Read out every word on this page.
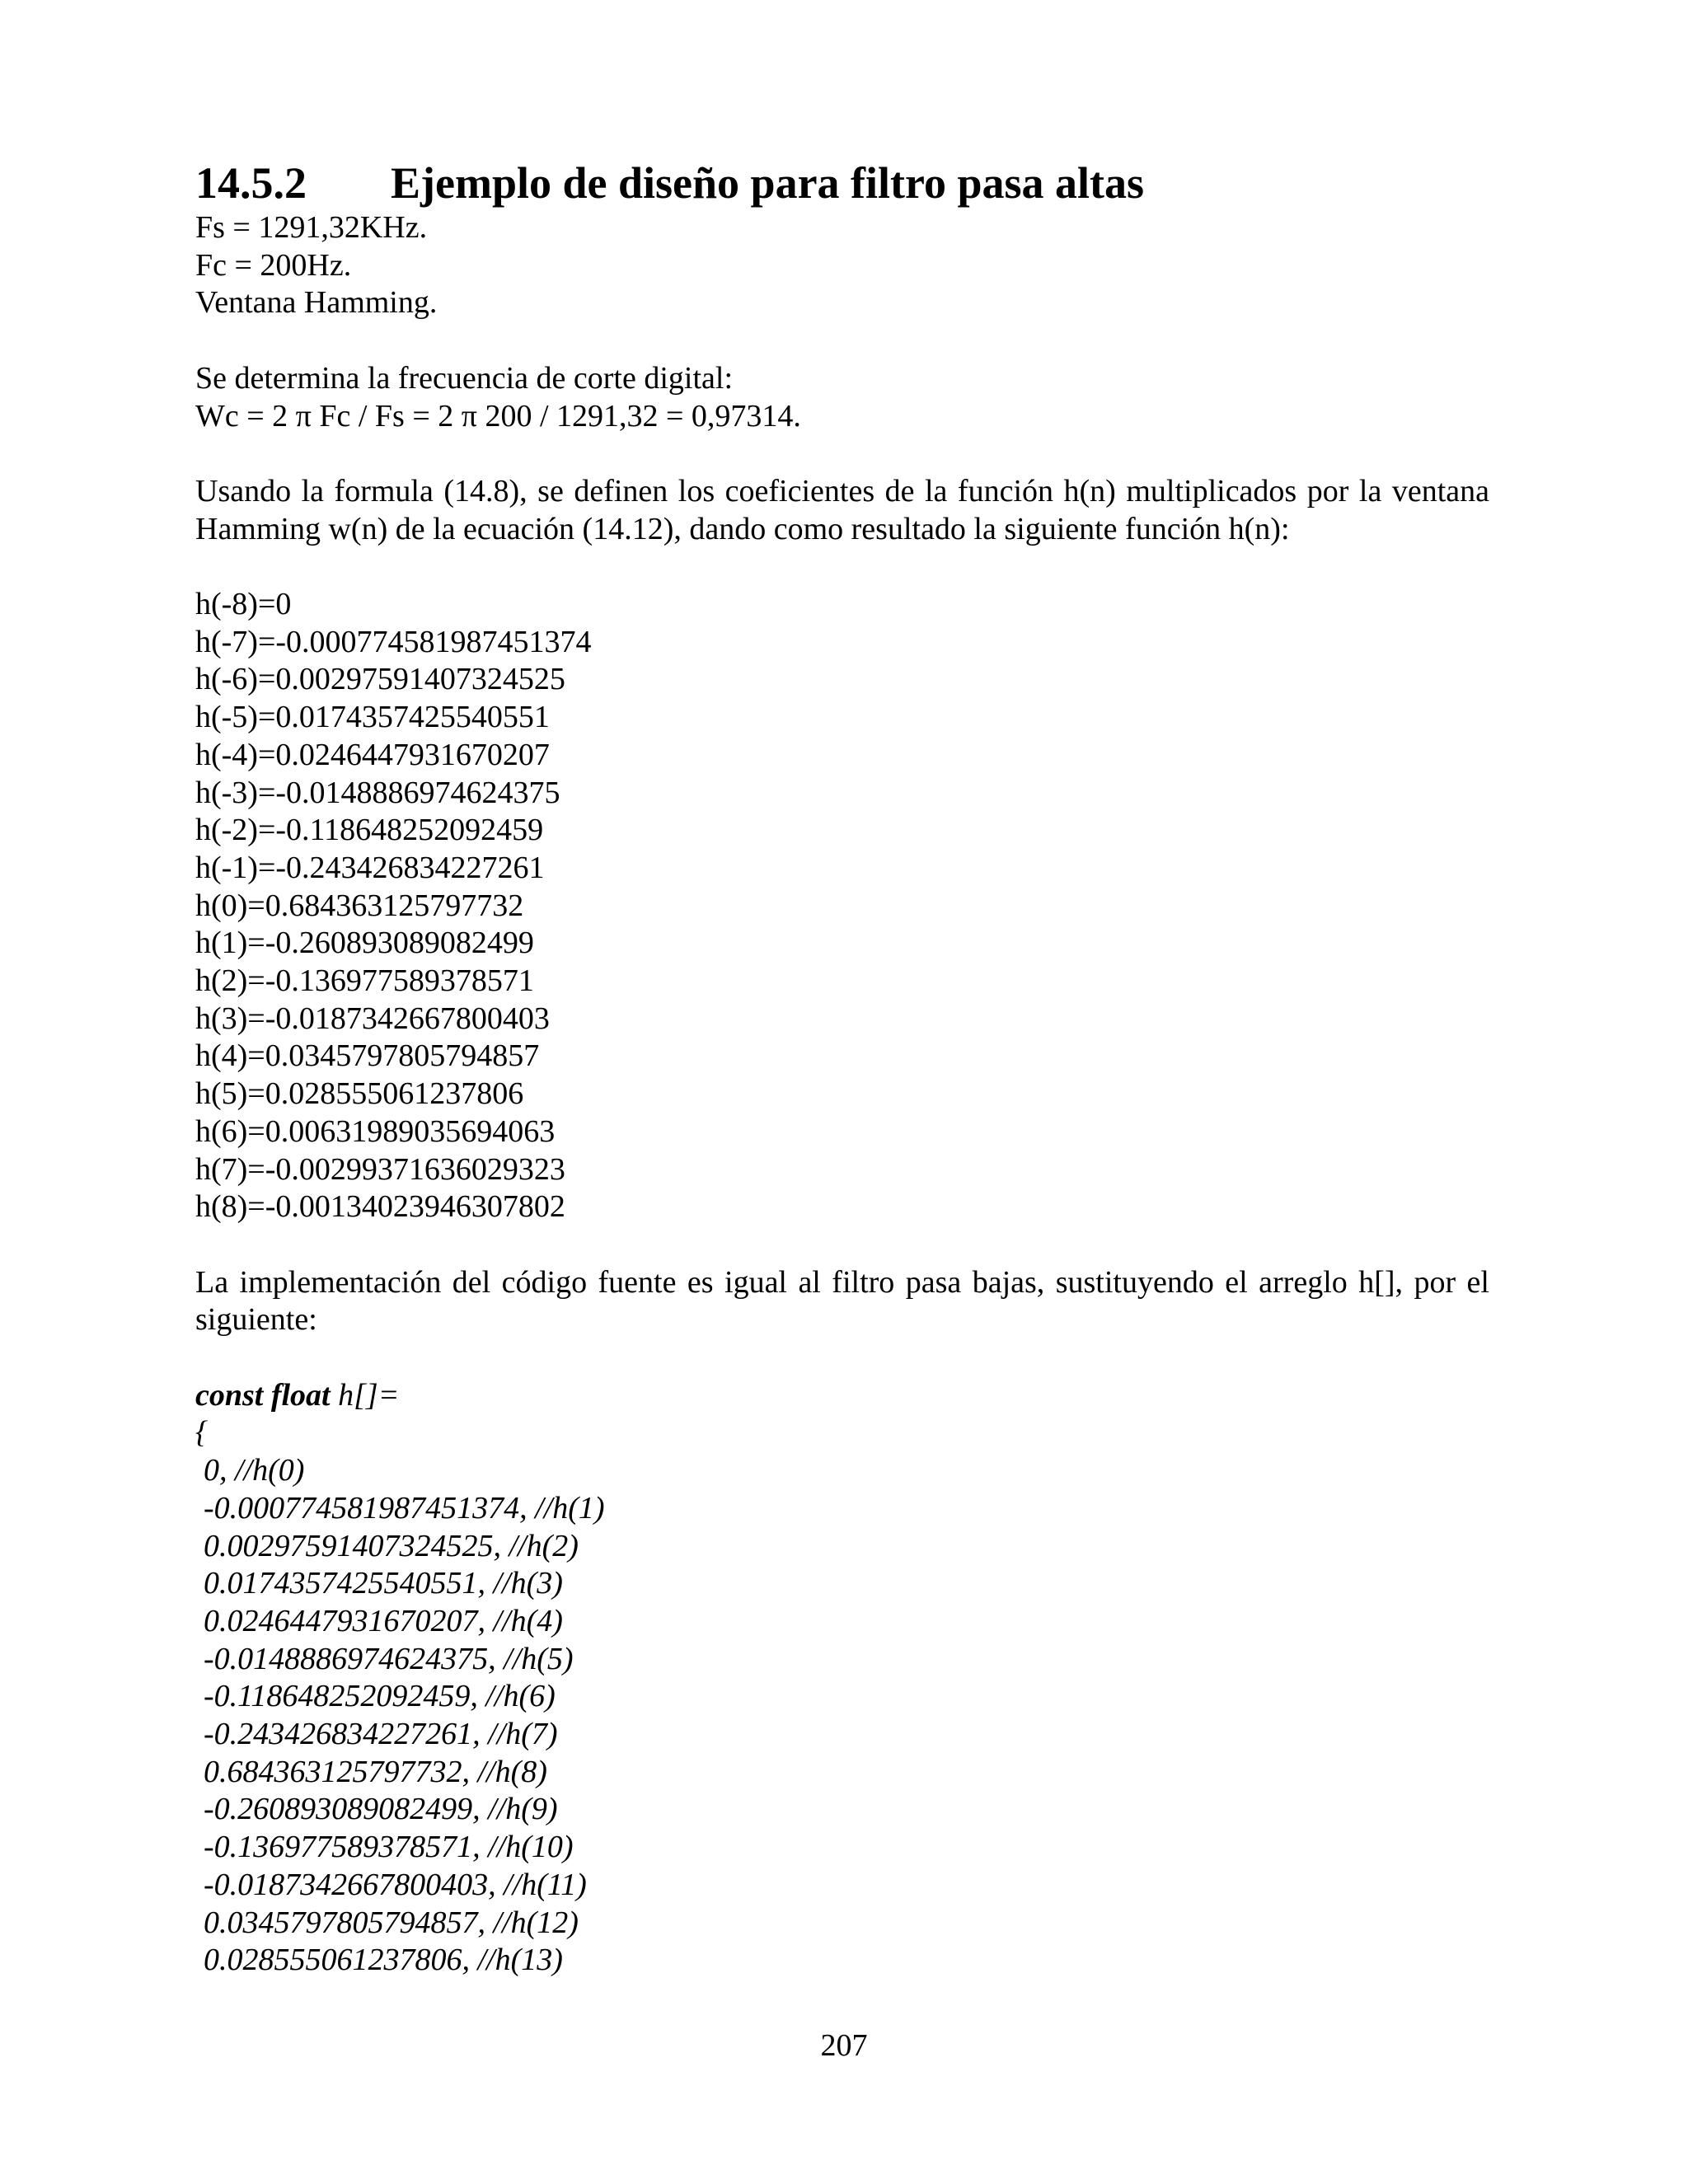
14.5.2 Ejemplo de diseño para filtro pasa altas
Fs = 1291,32KHz.
Fc = 200Hz.
Ventana Hamming.
Se determina la frecuencia de corte digital:
Wc = 2 π Fc / Fs = 2 π 200 / 1291,32 = 0,97314.
Usando la formula (14.8), se definen los coeficientes de la función h(n) multiplicados por la ventana Hamming w(n) de la ecuación (14.12), dando como resultado la siguiente función h(n):
h(-8)=0
h(-7)=-0.000774581987451374
h(-6)=0.00297591407324525
h(-5)=0.0174357425540551
h(-4)=0.0246447931670207
h(-3)=-0.0148886974624375
h(-2)=-0.118648252092459
h(-1)=-0.243426834227261
h(0)=0.684363125797732
h(1)=-0.260893089082499
h(2)=-0.136977589378571
h(3)=-0.0187342667800403
h(4)=0.0345797805794857
h(5)=0.028555061237806
h(6)=0.00631989035694063
h(7)=-0.00299371636029323
h(8)=-0.00134023946307802
La implementación del código fuente es igual al filtro pasa bajas, sustituyendo el arreglo h[], por el siguiente:
const float h[]=
{
0, //h(0)
-0.000774581987451374, //h(1)
0.00297591407324525, //h(2)
0.0174357425540551, //h(3)
0.0246447931670207, //h(4)
-0.0148886974624375, //h(5)
-0.118648252092459, //h(6)
-0.243426834227261, //h(7)
0.684363125797732, //h(8)
-0.260893089082499, //h(9)
-0.136977589378571, //h(10)
-0.0187342667800403, //h(11)
0.0345797805794857, //h(12)
0.028555061237806, //h(13)
207
